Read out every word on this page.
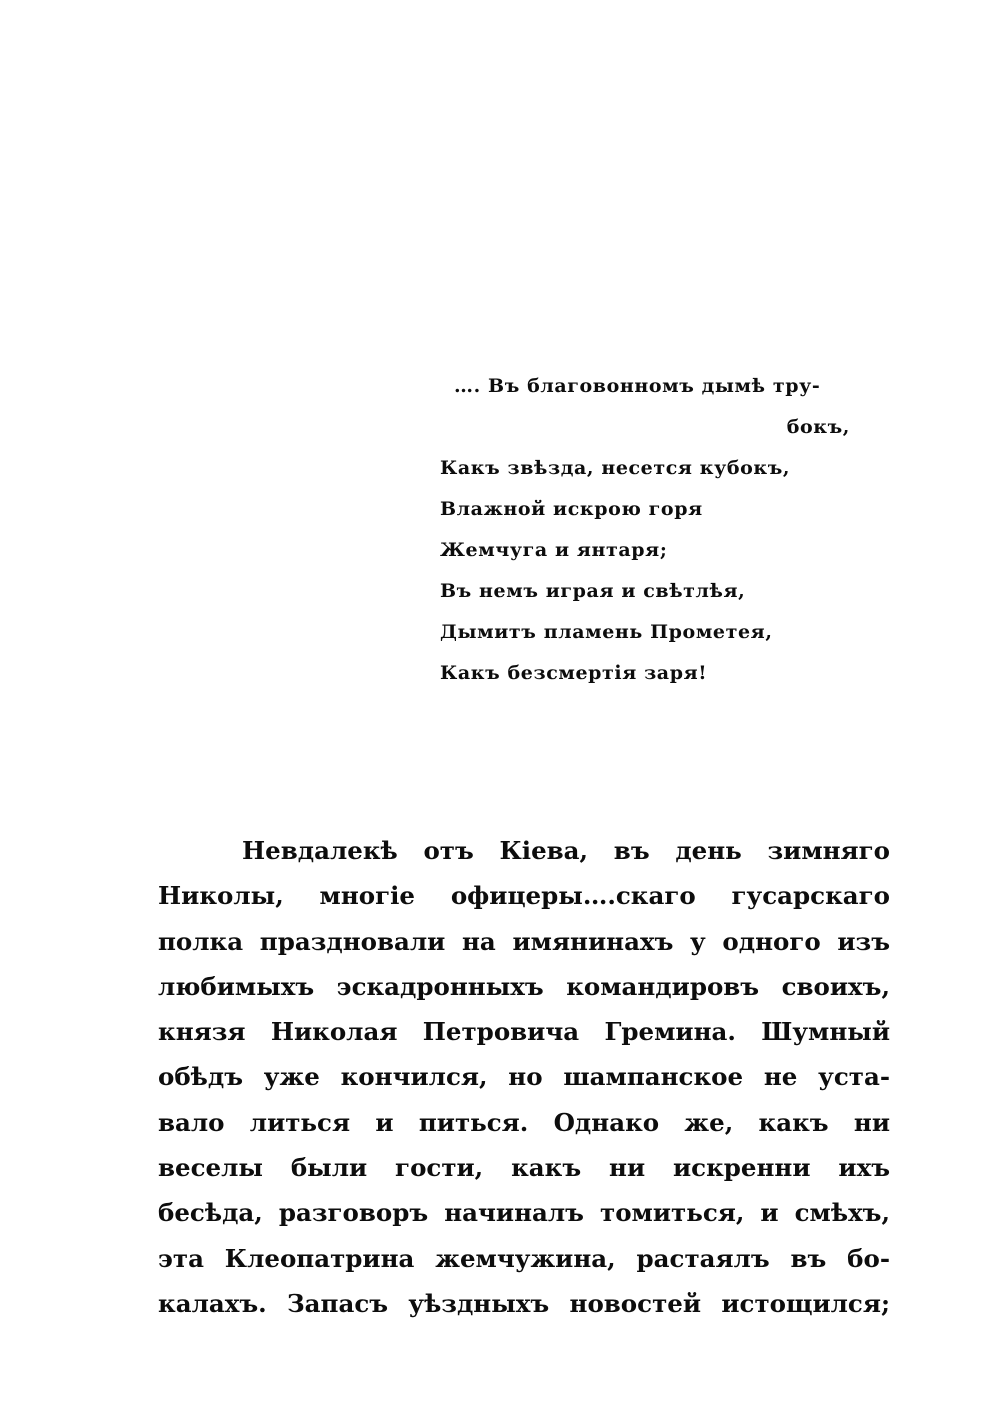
…. Въ благовонномъ дымѣ тру-
бокъ,
Какъ звѣзда, несется кубокъ,
Влажной искрою горя
Жемчуга и янтаря;
Въ немъ играя и свѣтлѣя,
Дымитъ пламень Прометея,
Какъ безсмертія заря!
Невдалекѣ отъ Кіева, въ день зимняго
Николы, многіе офицеры….скаго гусарскаго
полка праздновали на имянинахъ у одного изъ
любимыхъ эскадронныхъ командировъ своихъ,
князя Николая Петровича Гремина. Шумный
обѣдъ уже кончился, но шампанское не уста-
вало литься и питься. Однако же, какъ ни
веселы были гости, какъ ни искренни ихъ
бесѣда, разговоръ начиналъ томиться, и смѣхъ,
эта Клеопатрина жемчужина, растаялъ въ бо-
калахъ. Запасъ уѣздныхъ новостей истощился;
